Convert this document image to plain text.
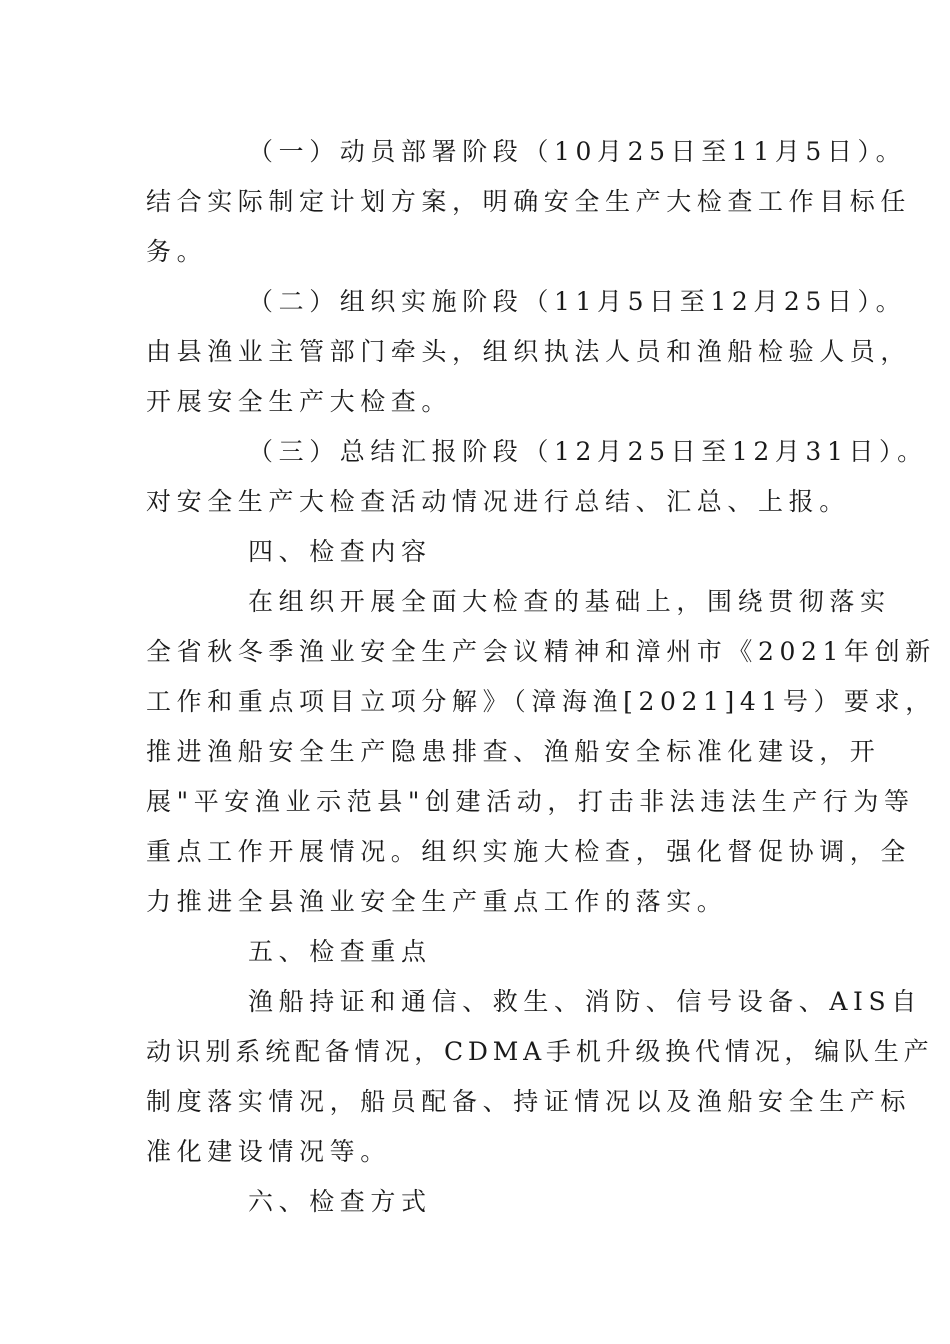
（一）动员部署阶段（10月25日至11月5日）。
结合实际制定计划方案，明确安全生产大检查工作目标任
务。
（二）组织实施阶段（11月5日至12月25日）。
由县渔业主管部门牵头，组织执法人员和渔船检验人员，
开展安全生产大检查。
（三）总结汇报阶段（12月25日至12月31日）。
对安全生产大检查活动情况进行总结、汇总、上报。
四、检查内容
在组织开展全面大检查的基础上，围绕贯彻落实
全省秋冬季渔业安全生产会议精神和漳州市《2021年创新
工作和重点项目立项分解》（漳海渔[2021]41号）要求，
推进渔船安全生产隐患排查、渔船安全标准化建设，开
展"平安渔业示范县"创建活动，打击非法违法生产行为等
重点工作开展情况。组织实施大检查，强化督促协调，全
力推进全县渔业安全生产重点工作的落实。
五、检查重点
渔船持证和通信、救生、消防、信号设备、AIS自
动识别系统配备情况，CDMA手机升级换代情况，编队生产
制度落实情况，船员配备、持证情况以及渔船安全生产标
准化建设情况等。
六、检查方式
